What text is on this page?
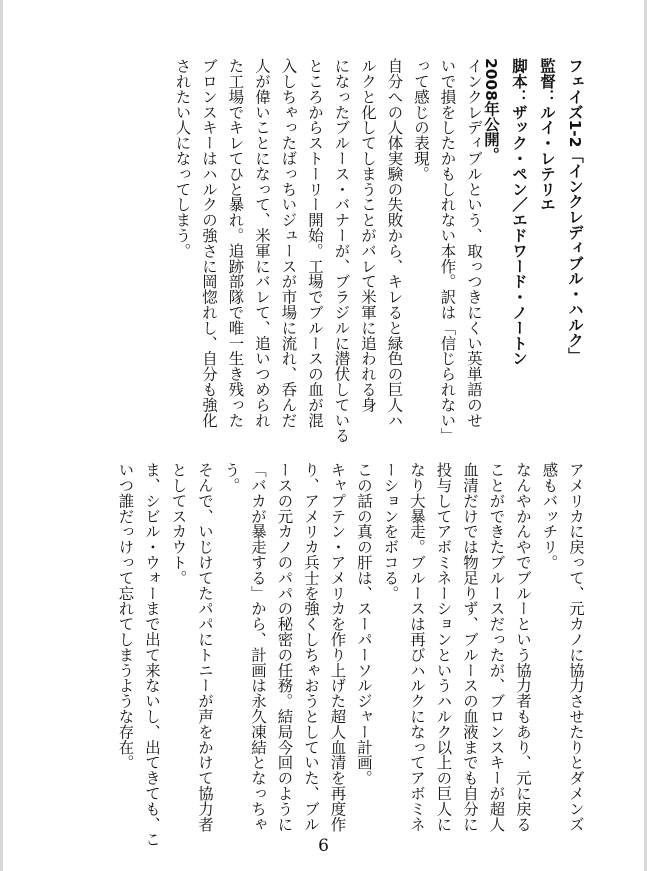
フェイズ1-2「インクレディブル・ハルク」

監督：ルイ・レテリエ

脚本：ザック・ペン／エドワード・ノートン

2008年公開。

インクレディブルという、取っつきにくい英単語のせ

いで損をしたかもしれない本作。訳は「信じられない」

って感じの表現。

自分への人体実験の失敗から、キレると緑色の巨人ハ

ルクと化してしまうことがバレて米軍に追われる身

になったブルース・バナーが、ブラジルに潜伏している

ところからストーリー開始。工場でブルースの血が混

入しちゃったばっちいジュースが市場に流れ、呑んだ

人が偉いことになって、米軍にバレて、追いつめられ

た工場でキレてひと暴れ。追跡部隊で唯一生き残った

ブロンスキーはハルクの強さに岡惚れし、自分も強化

されたい人になってしまう。

アメリカに戻って、元カノに協力させたりとダメンズ

感もバッチリ。

なんやかんやでブルーという協力者もあり、元に戻る

ことができたブルースだったが、ブロンスキーが超人

血清だけでは物足りず、ブルースの血液までも自分に

投与してアボミネーションというハルク以上の巨人に

なり大暴走。ブルースは再びハルクになってアボミネ

ーションをボコる。

この話の真の肝は、スーパーソルジャー計画。

キャプテン・アメリカを作り上げた超人血清を再度作

り、アメリカ兵士を強くしちゃおうとしていた、ブル

ースの元カノのパパの秘密の任務。結局今回のように

「バカが暴走する」から、計画は永久凍結となっちゃ

う。

そんで、いじけてたパパにトニーが声をかけて協力者

としてスカウト。

ま、シビル・ウォーまで出て来ないし、出てきても、こ

いつ誰だっけって忘れてしまうような存在。

6
